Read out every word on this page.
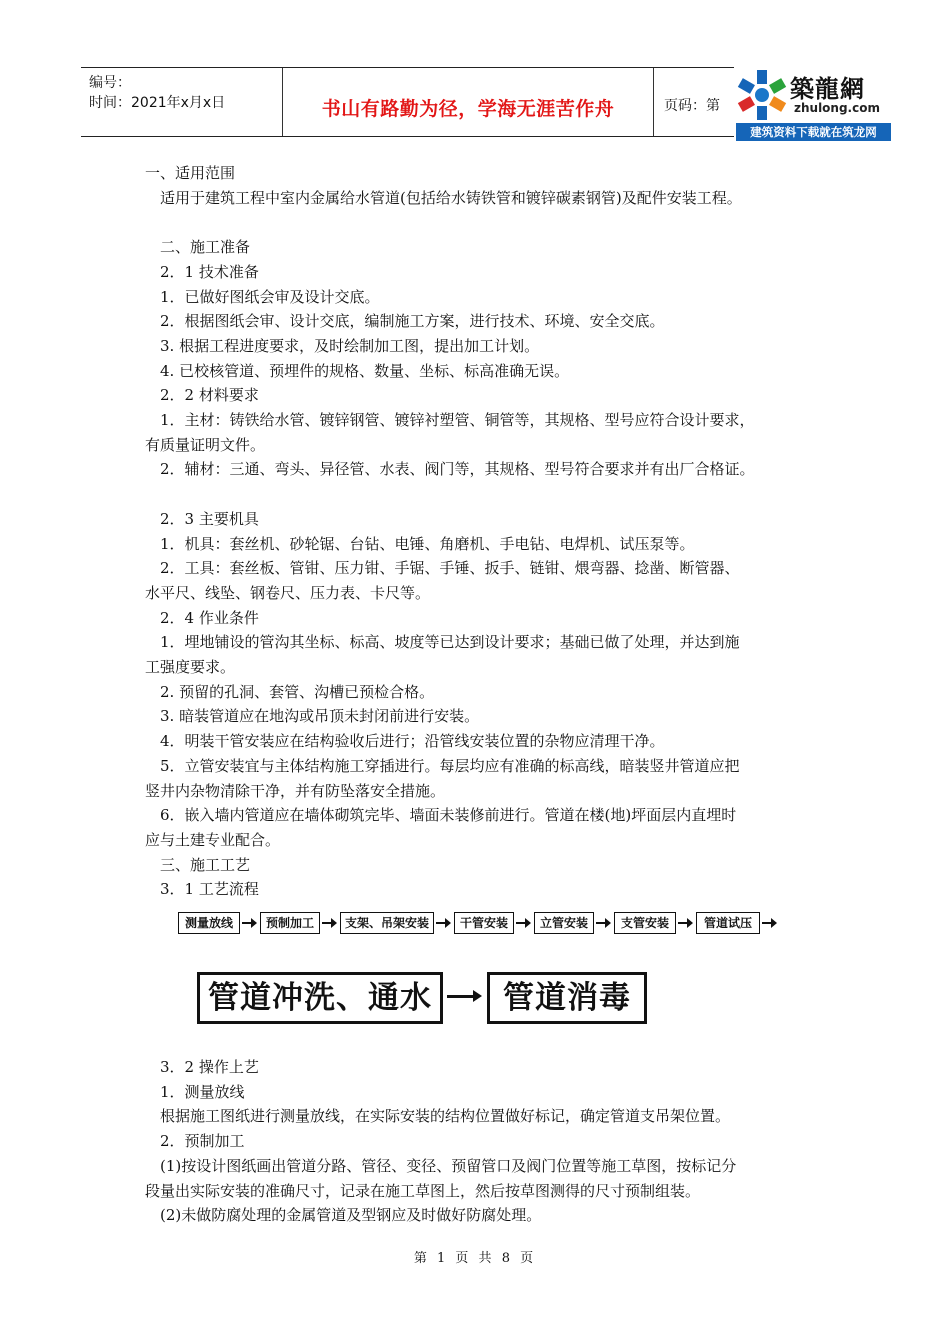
编号：
时间：2021年x月x日	书山有路勤为径，学海无涯苦作舟	页码：第
築龍網
zhulong.com
建筑资料下载就在筑龙网

一、适用范围

适用于建筑工程中室内金属给水管道(包括给水铸铁管和镀锌碳素钢管)及配件安装工程。

二、施工准备

2．1 技术准备

1．已做好图纸会审及设计交底。

2．根据图纸会审、设计交底，编制施工方案，进行技术、环境、安全交底。

3. 根据工程进度要求，及时绘制加工图，提出加工计划。

4. 已校核管道、预埋件的规格、数量、坐标、标高准确无误。

2．2 材料要求

1．主材：铸铁给水管、镀锌钢管、镀锌衬塑管、铜管等，其规格、型号应符合设计要求，

有质量证明文件。

2．辅材：三通、弯头、异径管、水表、阀门等，其规格、型号符合要求并有出厂合格证。

2．3 主要机具

1．机具：套丝机、砂轮锯、台钻、电锤、角磨机、手电钻、电焊机、试压泵等。

2．工具：套丝板、管钳、压力钳、手锯、手锤、扳手、链钳、煨弯器、捻凿、断管器、

水平尺、线坠、钢卷尺、压力表、卡尺等。

2．4 作业条件

1．埋地铺设的管沟其坐标、标高、坡度等已达到设计要求；基础已做了处理，并达到施

工强度要求。

2. 预留的孔洞、套管、沟槽已预检合格。

3. 暗装管道应在地沟或吊顶未封闭前进行安装。

4．明装干管安装应在结构验收后进行；沿管线安装位置的杂物应清理干净。

5．立管安装宜与主体结构施工穿插进行。每层均应有准确的标高线，暗装竖井管道应把

竖井内杂物清除干净，并有防坠落安全措施。

6．嵌入墙内管道应在墙体砌筑完毕、墙面未装修前进行。管道在楼(地)坪面层内直埋时

应与土建专业配合。

三、施工工艺

3．1 工艺流程

测量放线	预制加工	支架、吊架安装	干管安装	立管安装	支管安装	管道试压
管道冲洗、通水	管道消毒

3．2 操作上艺

1．测量放线

根据施工图纸进行测量放线，在实际安装的结构位置做好标记，确定管道支吊架位置。

2．预制加工

(1)按设计图纸画出管道分路、管径、变径、预留管口及阀门位置等施工草图，按标记分

段量出实际安装的准确尺寸，记录在施工草图上，然后按草图测得的尺寸预制组装。

(2)未做防腐处理的金属管道及型钢应及时做好防腐处理。

第 1 页 共 8 页
